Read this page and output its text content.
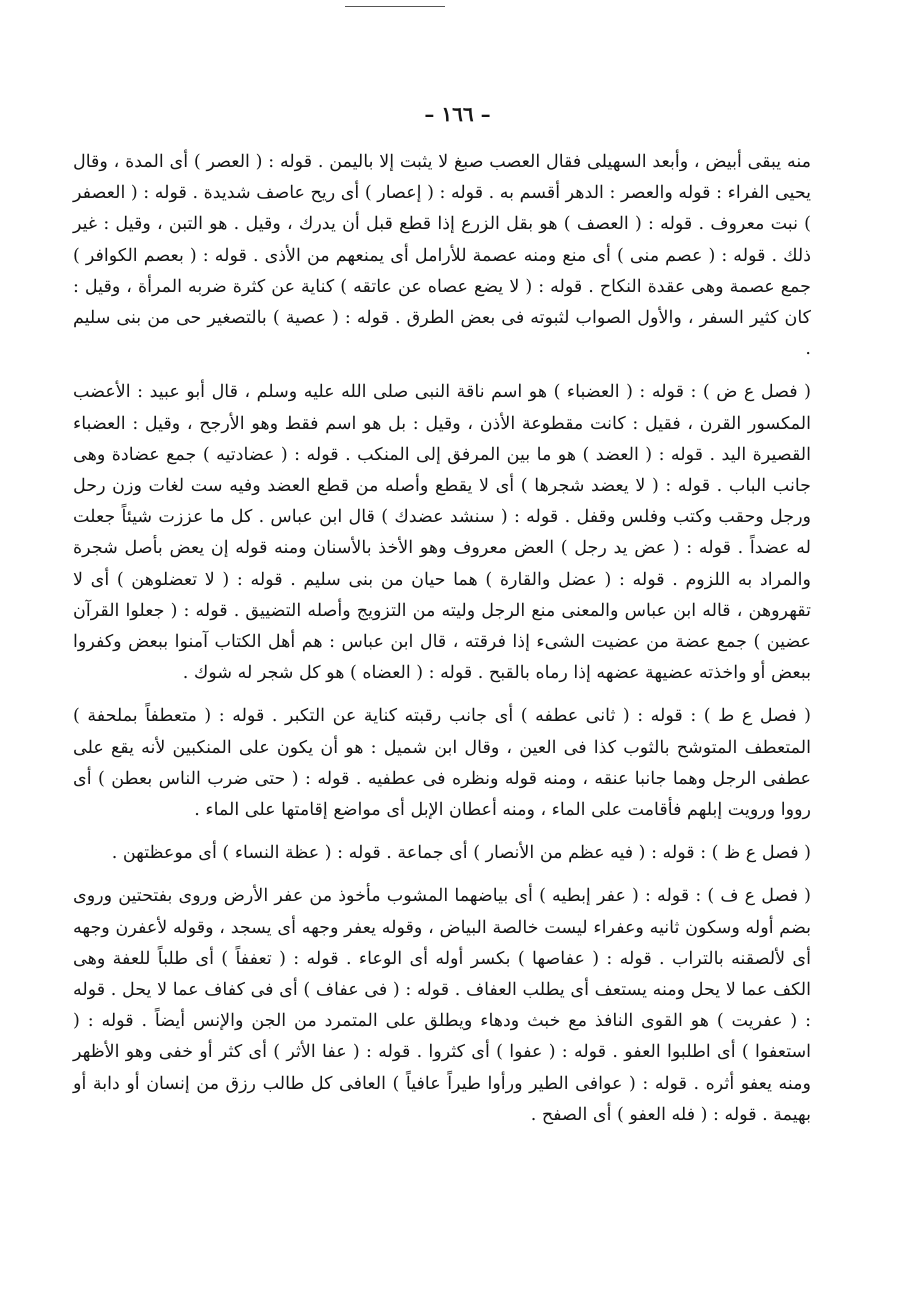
– ١٦٦ –

منه يبقى أبيض ، وأبعد السهيلى فقال العصب صبغ لا يثبت إلا باليمن . قوله : ( العصر ) أى المدة ، وقال يحيى الفراء : قوله والعصر : الدهر أقسم به . قوله : ( إعصار ) أى ريح عاصف شديدة . قوله : ( العصفر ) نبت معروف . قوله : ( العصف ) هو بقل الزرع إذا قطع قبل أن يدرك ، وقيل . هو التبن ، وقيل : غير ذلك . قوله : ( عصم منى ) أى منع ومنه عصمة للأرامل أى يمنعهم من الأذى . قوله : ( بعصم الكوافر ) جمع عصمة وهى عقدة النكاح . قوله : ( لا يضع عصاه عن عاتقه ) كناية عن كثرة ضربه المرأة ، وقيل : كان كثير السفر ، والأول الصواب لثبوته فى بعض الطرق . قوله : ( عصية ) بالتصغير حى من بنى سليم .

( فصل ع ض ) : قوله : ( العضباء ) هو اسم ناقة النبى صلى الله عليه وسلم ، قال أبو عبيد : الأعضب المكسور القرن ، فقيل : كانت مقطوعة الأذن ، وقيل : بل هو اسم فقط وهو الأرجح ، وقيل : العضباء القصيرة اليد . قوله : ( العضد ) هو ما بين المرفق إلى المنكب . قوله : ( عضادتيه ) جمع عضادة وهى جانب الباب . قوله : ( لا يعضد شجرها ) أى لا يقطع وأصله من قطع العضد وفيه ست لغات وزن رحل ورجل وحقب وكتب وفلس وقفل . قوله : ( سنشد عضدك ) قال ابن عباس . كل ما عززت شيئاً جعلت له عضداً . قوله : ( عض يد رجل ) العض معروف وهو الأخذ بالأسنان ومنه قوله إن يعض بأصل شجرة والمراد به اللزوم . قوله : ( عضل والقارة ) هما حيان من بنى سليم . قوله : ( لا تعضلوهن ) أى لا تقهروهن ، قاله ابن عباس والمعنى منع الرجل وليته من التزويج وأصله التضييق . قوله : ( جعلوا القرآن عضين ) جمع عضة من عضيت الشىء إذا فرقته ، قال ابن عباس : هم أهل الكتاب آمنوا ببعض وكفروا ببعض أو واخذته عضيهة عضهه إذا رماه بالقبح . قوله : ( العضاه ) هو كل شجر له شوك .

( فصل ع ط ) : قوله : ( ثانى عطفه ) أى جانب رقبته كناية عن التكبر . قوله : ( متعطفاً بملحفة ) المتعطف المتوشح بالثوب كذا فى العين ، وقال ابن شميل : هو أن يكون على المنكبين لأنه يقع على عطفى الرجل وهما جانبا عنقه ، ومنه قوله ونظره فى عطفيه . قوله : ( حتى ضرب الناس بعطن ) أى رووا ورويت إبلهم فأقامت على الماء ، ومنه أعطان الإبل أى مواضع إقامتها على الماء .

( فصل ع ظ ) : قوله : ( فيه عظم من الأنصار ) أى جماعة . قوله : ( عظة النساء ) أى موعظتهن .

( فصل ع ف ) : قوله : ( عفر إبطيه ) أى بياضهما المشوب مأخوذ من عفر الأرض وروى بفتحتين وروى بضم أوله وسكون ثانيه وعفراء ليست خالصة البياض ، وقوله يعفر وجهه أى يسجد ، وقوله لأعفرن وجهه أى لألصقنه بالتراب . قوله : ( عفاصها ) بكسر أوله أى الوعاء . قوله : ( تعففاً ) أى طلباً للعفة وهى الكف عما لا يحل ومنه يستعف أى يطلب العفاف . قوله : ( فى عفاف ) أى فى كفاف عما لا يحل . قوله : ( عفريت ) هو القوى النافذ مع خبث ودهاء ويطلق على المتمرد من الجن والإنس أيضاً . قوله : ( استعفوا ) أى اطلبوا العفو . قوله : ( عفوا ) أى كثروا . قوله : ( عفا الأثر ) أى كثر أو خفى وهو الأظهر ومنه يعفو أثره . قوله : ( عوافى الطير ورأوا طيراً عافياً ) العافى كل طالب رزق من إنسان أو دابة أو بهيمة . قوله : ( فله العفو ) أى الصفح .
